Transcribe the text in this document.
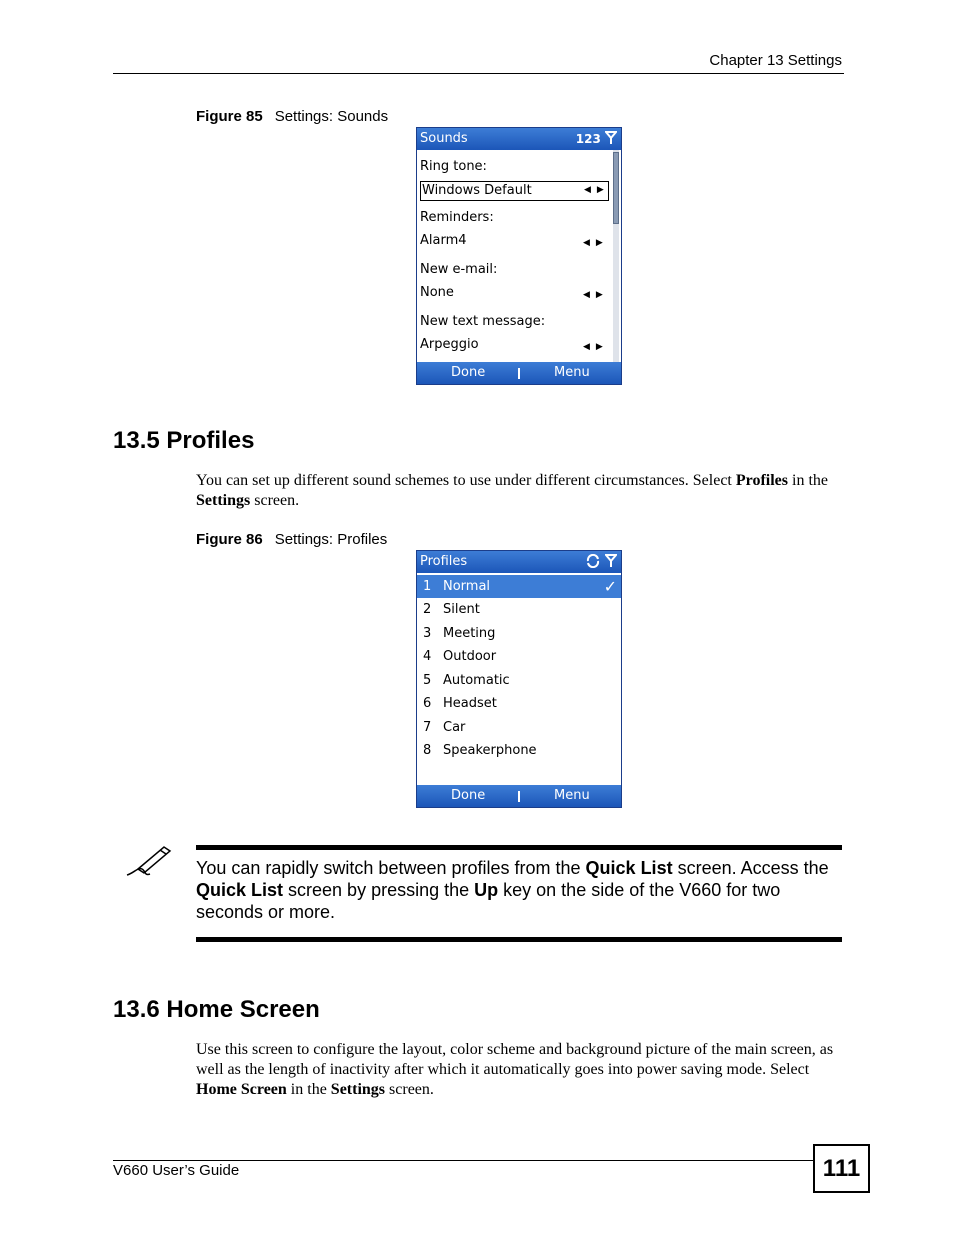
Chapter 13 Settings
Figure 85 Settings: Sounds
Sounds	123
Ring tone:
Windows Default	◀▶
Reminders:
Alarm4	◀▶
New e-mail:
None	◀▶
New text message:
Arpeggio	◀▶
Done	Menu
13.5 Profiles
You can set up different sound schemes to use under different circumstances. Select Profiles in the Settings screen.
Figure 86 Settings: Profiles
Profiles

1 Normal	✓
2 Silent
3 Meeting
4 Outdoor
5 Automatic
6 Headset
7 Car
8 Speakerphone
Done	Menu
You can rapidly switch between profiles from the Quick List screen. Access the Quick List screen by pressing the Up key on the side of the V660 for two seconds or more.
13.6 Home Screen
Use this screen to configure the layout, color scheme and background picture of the main screen, as well as the length of inactivity after which it automatically goes into power saving mode. Select Home Screen in the Settings screen.
V660 User’s Guide	111
